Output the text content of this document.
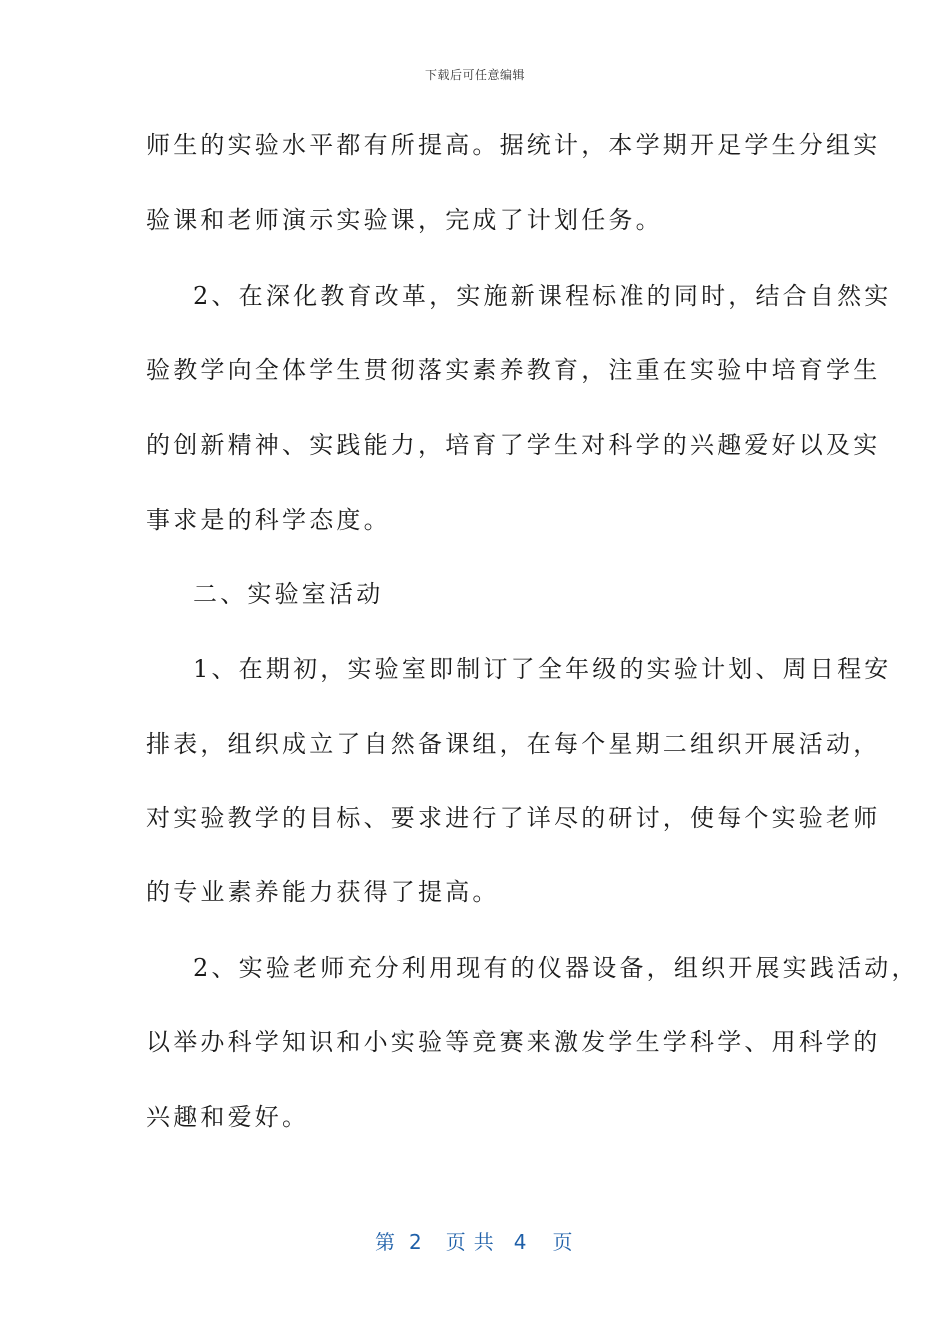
下载后可任意编辑
师生的实验水平都有所提高。据统计，本学期开足学生分组实
验课和老师演示实验课，完成了计划任务。
2、在深化教育改革，实施新课程标准的同时，结合自然实
验教学向全体学生贯彻落实素养教育，注重在实验中培育学生
的创新精神、实践能力，培育了学生对科学的兴趣爱好以及实
事求是的科学态度。
二、实验室活动
1、在期初，实验室即制订了全年级的实验计划、周日程安
排表，组织成立了自然备课组，在每个星期二组织开展活动，
对实验教学的目标、要求进行了详尽的研讨，使每个实验老师
的专业素养能力获得了提高。
2、实验老师充分利用现有的仪器设备，组织开展实践活动，
以举办科学知识和小实验等竞赛来激发学生学科学、用科学的
兴趣和爱好。
第 2 页共 4 页
